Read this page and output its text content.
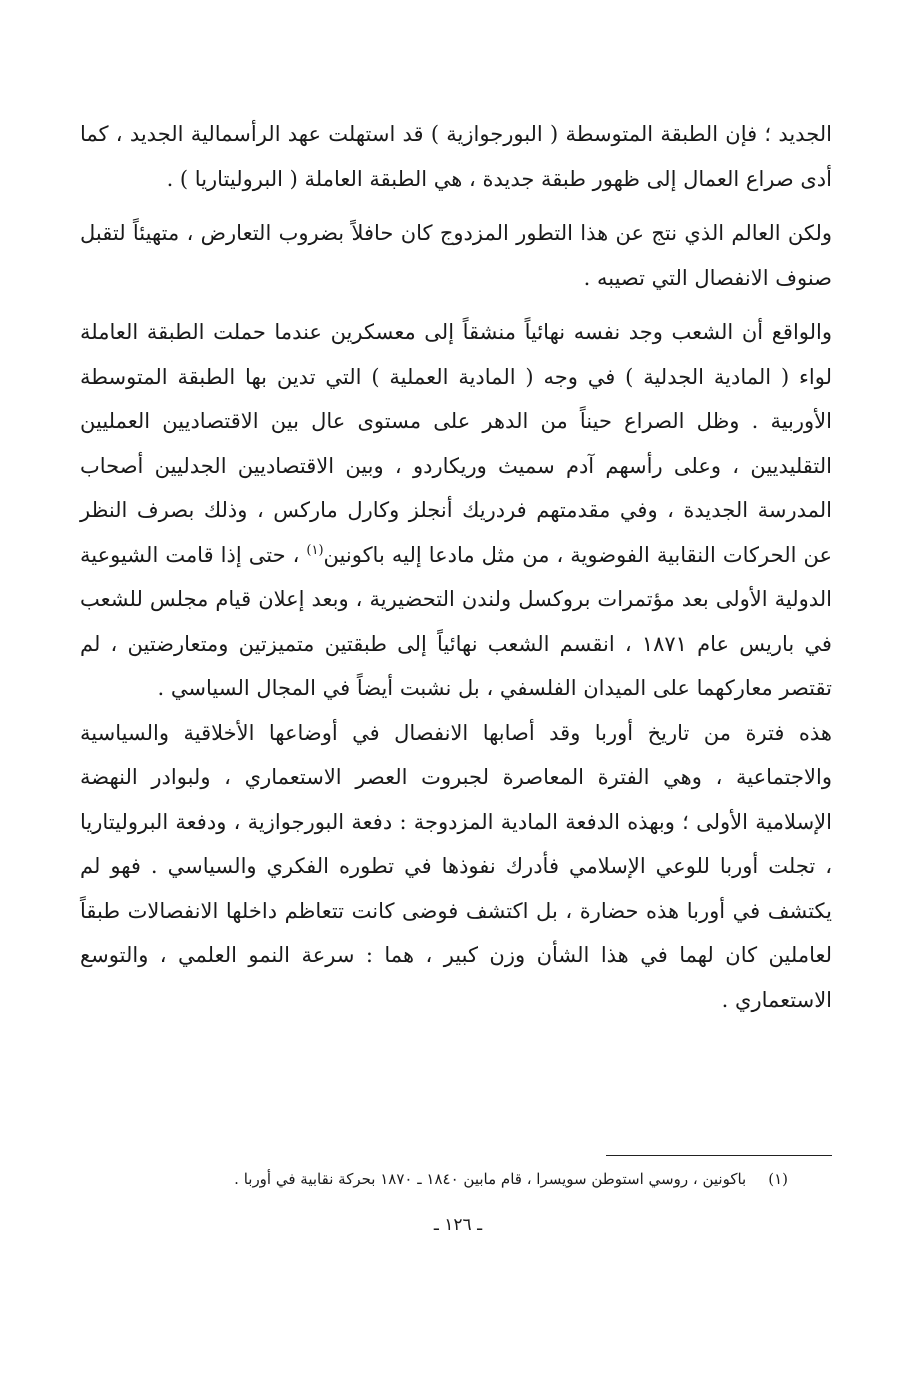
الجديد ؛ فإن الطبقة المتوسطة ( البورجوازية ) قد استهلت عهد الرأسمالية الجديد ، كما أدى صراع العمال إلى ظهور طبقة جديدة ، هي الطبقة العاملة ( البروليتاريا ) .

ولكن العالم الذي نتج عن هذا التطور المزدوج كان حافلاً بضروب التعارض ، متهيئاً لتقبل صنوف الانفصال التي تصيبه .

والواقع أن الشعب وجد نفسه نهائياً منشقاً إلى معسكرين عندما حملت الطبقة العاملة لواء ( المادية الجدلية ) في وجه ( المادية العملية ) التي تدين بها الطبقة المتوسطة الأوربية . وظل الصراع حيناً من الدهر على مستوى عال بين الاقتصاديين العمليين التقليديين ، وعلى رأسهم آدم سميث وريكاردو ، وبين الاقتصاديين الجدليين أصحاب المدرسة الجديدة ، وفي مقدمتهم فردريك أنجلز وكارل ماركس ، وذلك بصرف النظر عن الحركات النقابية الفوضوية ، من مثل مادعا إليه باكونين$^{(١)}$ ، حتى إذا قامت الشيوعية الدولية الأولى بعد مؤتمرات بروكسل ولندن التحضيرية ، وبعد إعلان قيام مجلس للشعب في باريس عام ١٨٧١ ، انقسم الشعب نهائياً إلى طبقتين متميزتين ومتعارضتين ، لم تقتصر معاركهما على الميدان الفلسفي ، بل نشبت أيضاً في المجال السياسي .

هذه فترة من تاريخ أوربا وقد أصابها الانفصال في أوضاعها الأخلاقية والسياسية والاجتماعية ، وهي الفترة المعاصرة لجبروت العصر الاستعماري ، ولبوادر النهضة الإسلامية الأولى ؛ وبهذه الدفعة المادية المزدوجة : دفعة البورجوازية ، ودفعة البروليتاريا ، تجلت أوربا للوعي الإسلامي فأدرك نفوذها في تطوره الفكري والسياسي . فهو لم يكتشف في أوربا هذه حضارة ، بل اكتشف فوضى كانت تتعاظم داخلها الانفصالات طبقاً لعاملين كان لهما في هذا الشأن وزن كبير ، هما : سرعة النمو العلمي ، والتوسع الاستعماري .

(١)باكونين ، روسي استوطن سويسرا ، قام مابين ١٨٤٠ ـ ١٨٧٠ بحركة نقابية في أوربا .
ـ ١٢٦ ـ
